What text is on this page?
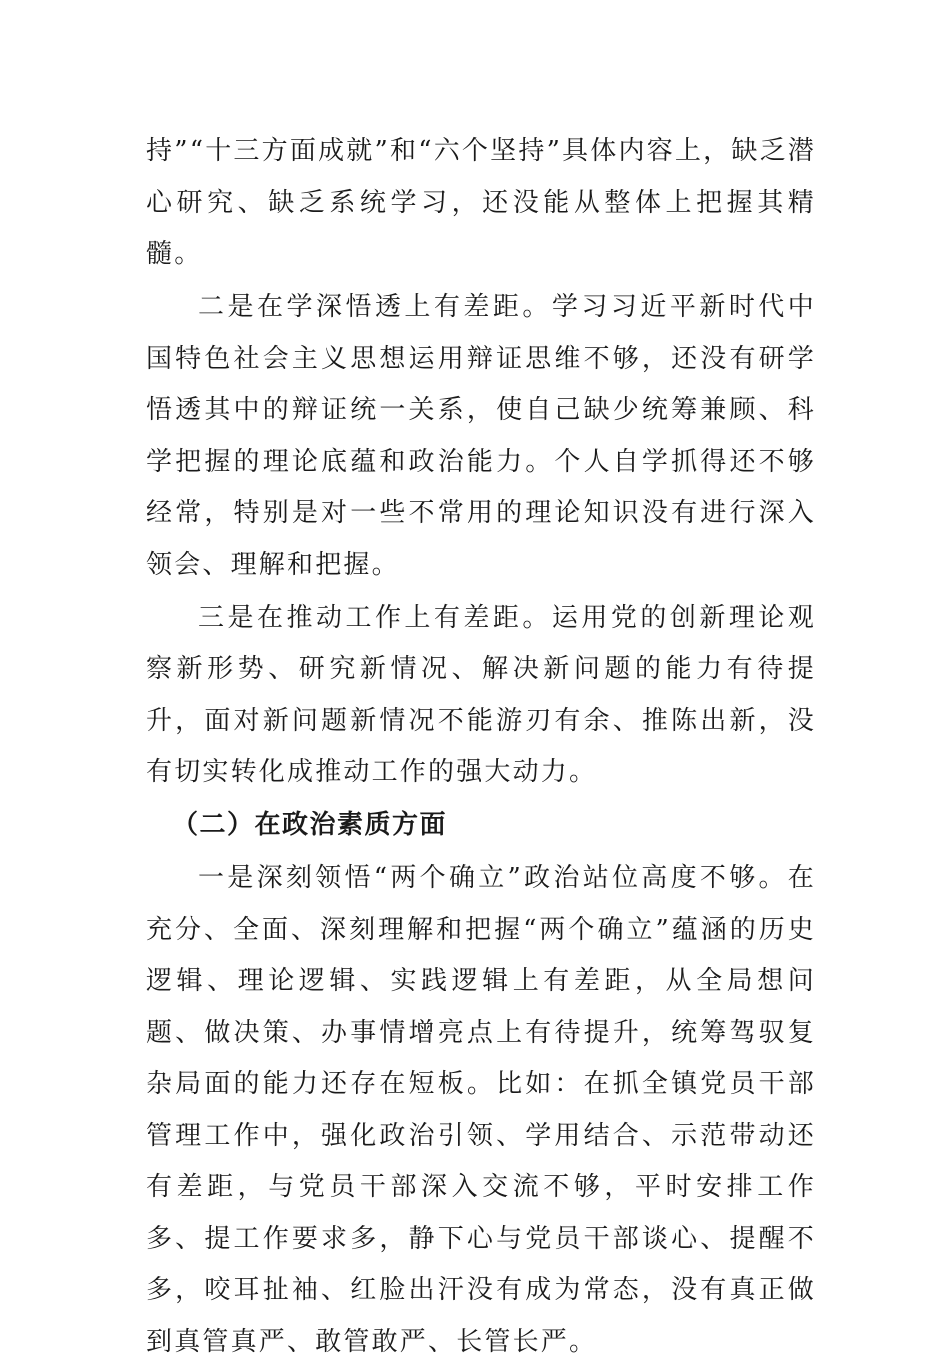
持”“十三方面成就”和“六个坚持”具体内容上，缺乏潜心研究、缺乏系统学习，还没能从整体上把握其精髓。

二是在学深悟透上有差距。学习习近平新时代中国特色社会主义思想运用辩证思维不够，还没有研学悟透其中的辩证统一关系，使自己缺少统筹兼顾、科学把握的理论底蕴和政治能力。个人自学抓得还不够经常，特别是对一些不常用的理论知识没有进行深入领会、理解和把握。

三是在推动工作上有差距。运用党的创新理论观察新形势、研究新情况、解决新问题的能力有待提升，面对新问题新情况不能游刃有余、推陈出新，没有切实转化成推动工作的强大动力。

（二）在政治素质方面

一是深刻领悟“两个确立”政治站位高度不够。在充分、全面、深刻理解和把握“两个确立”蕴涵的历史逻辑、理论逻辑、实践逻辑上有差距，从全局想问题、做决策、办事情增亮点上有待提升，统筹驾驭复杂局面的能力还存在短板。比如：在抓全镇党员干部管理工作中，强化政治引领、学用结合、示范带动还有差距，与党员干部深入交流不够，平时安排工作多、提工作要求多，静下心与党员干部谈心、提醒不多，咬耳扯袖、红脸出汗没有成为常态，没有真正做到真管真严、敢管敢严、长管长严。
